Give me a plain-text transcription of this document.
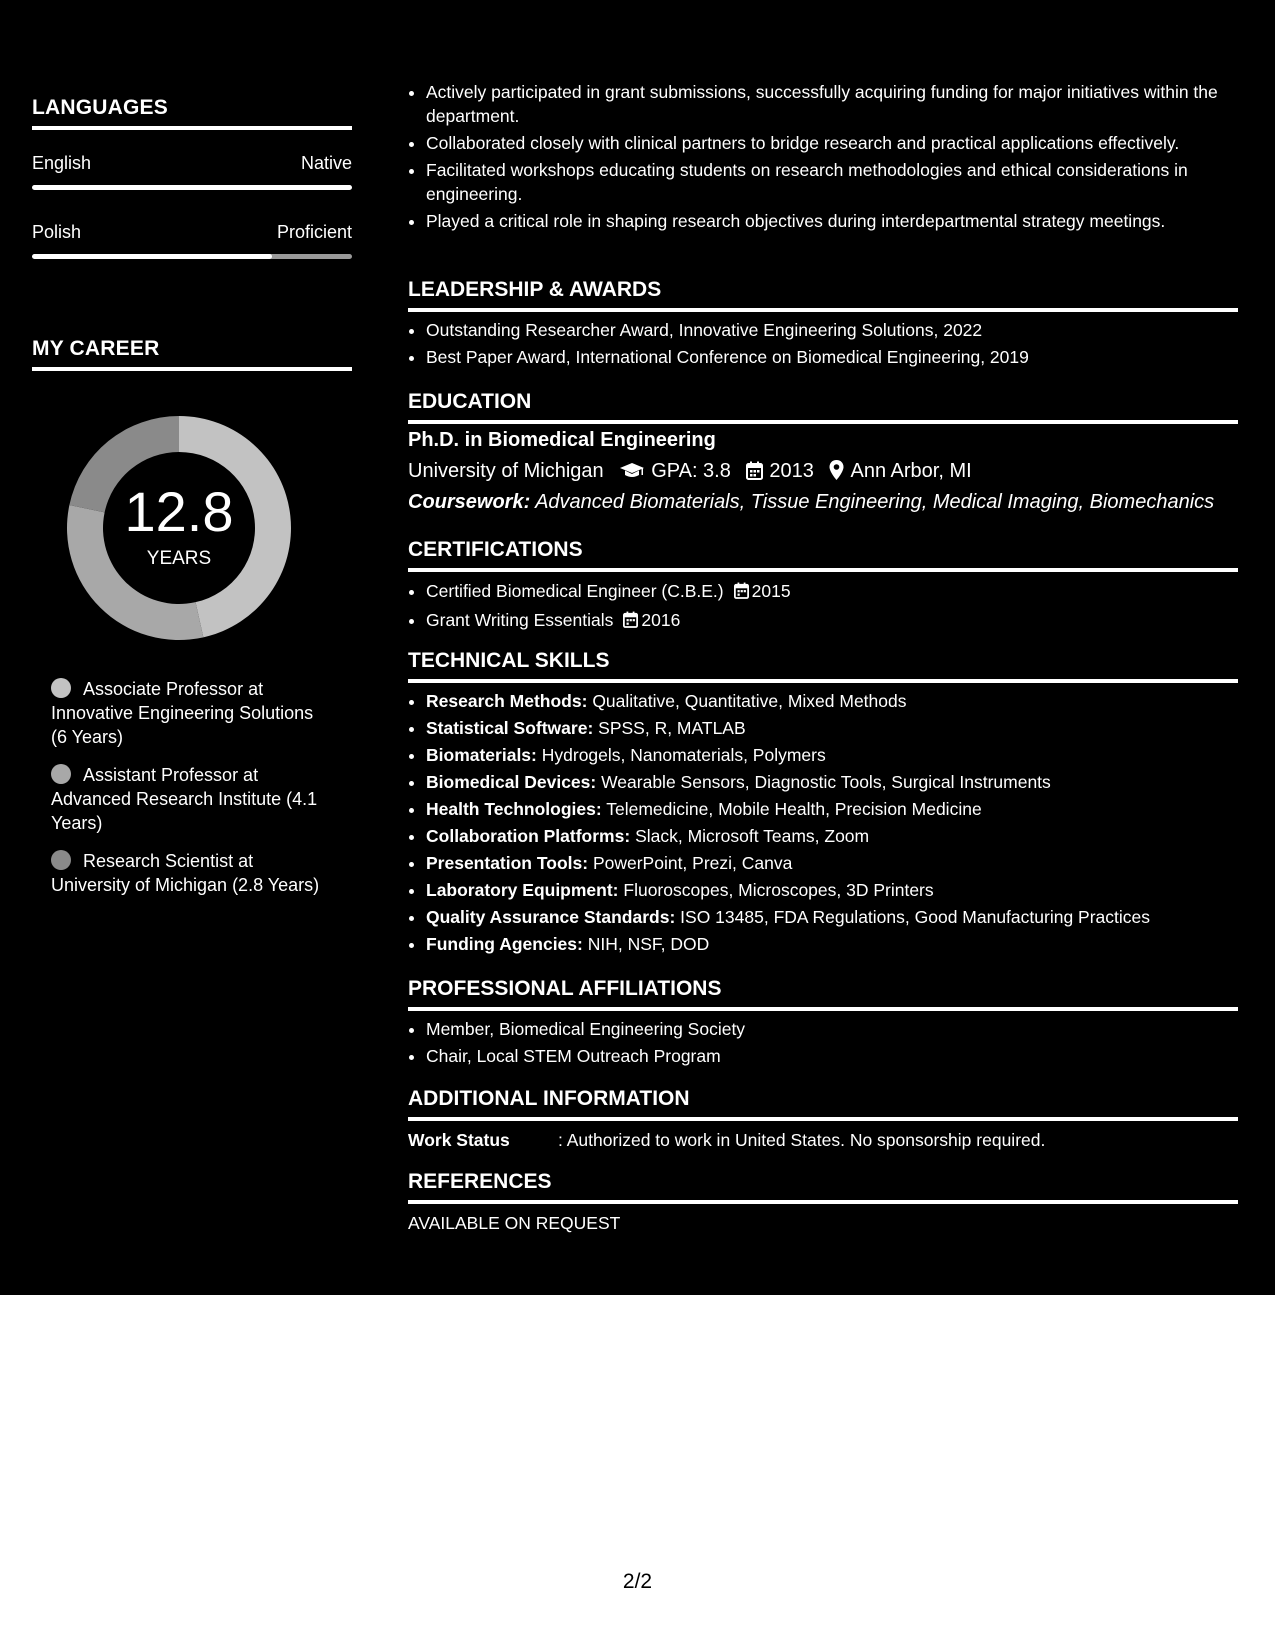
LANGUAGES
English	Native
Polish	Proficient
MY CAREER
12.8
YEARS
Associate Professor at Innovative Engineering Solutions (6 Years)
Assistant Professor at Advanced Research Institute (4.1 Years)
Research Scientist at University of Michigan (2.8 Years)
• Actively participated in grant submissions, successfully acquiring funding for major initiatives within the department.
• Collaborated closely with clinical partners to bridge research and practical applications effectively.
• Facilitated workshops educating students on research methodologies and ethical considerations in engineering.
• Played a critical role in shaping research objectives during interdepartmental strategy meetings.
LEADERSHIP & AWARDS
• Outstanding Researcher Award, Innovative Engineering Solutions, 2022
• Best Paper Award, International Conference on Biomedical Engineering, 2019
EDUCATION
Ph.D. in Biomedical Engineering
University of Michigan GPA: 3.8 2013 Ann Arbor, MI
Coursework: Advanced Biomaterials, Tissue Engineering, Medical Imaging, Biomechanics
CERTIFICATIONS
• Certified Biomedical Engineer (C.B.E.) 2015
• Grant Writing Essentials 2016
TECHNICAL SKILLS
• Research Methods: Qualitative, Quantitative, Mixed Methods
• Statistical Software: SPSS, R, MATLAB
• Biomaterials: Hydrogels, Nanomaterials, Polymers
• Biomedical Devices: Wearable Sensors, Diagnostic Tools, Surgical Instruments
• Health Technologies: Telemedicine, Mobile Health, Precision Medicine
• Collaboration Platforms: Slack, Microsoft Teams, Zoom
• Presentation Tools: PowerPoint, Prezi, Canva
• Laboratory Equipment: Fluoroscopes, Microscopes, 3D Printers
• Quality Assurance Standards: ISO 13485, FDA Regulations, Good Manufacturing Practices
• Funding Agencies: NIH, NSF, DOD
PROFESSIONAL AFFILIATIONS
• Member, Biomedical Engineering Society
• Chair, Local STEM Outreach Program
ADDITIONAL INFORMATION
Work Status	: Authorized to work in United States. No sponsorship required.
REFERENCES
AVAILABLE ON REQUEST
2/2
